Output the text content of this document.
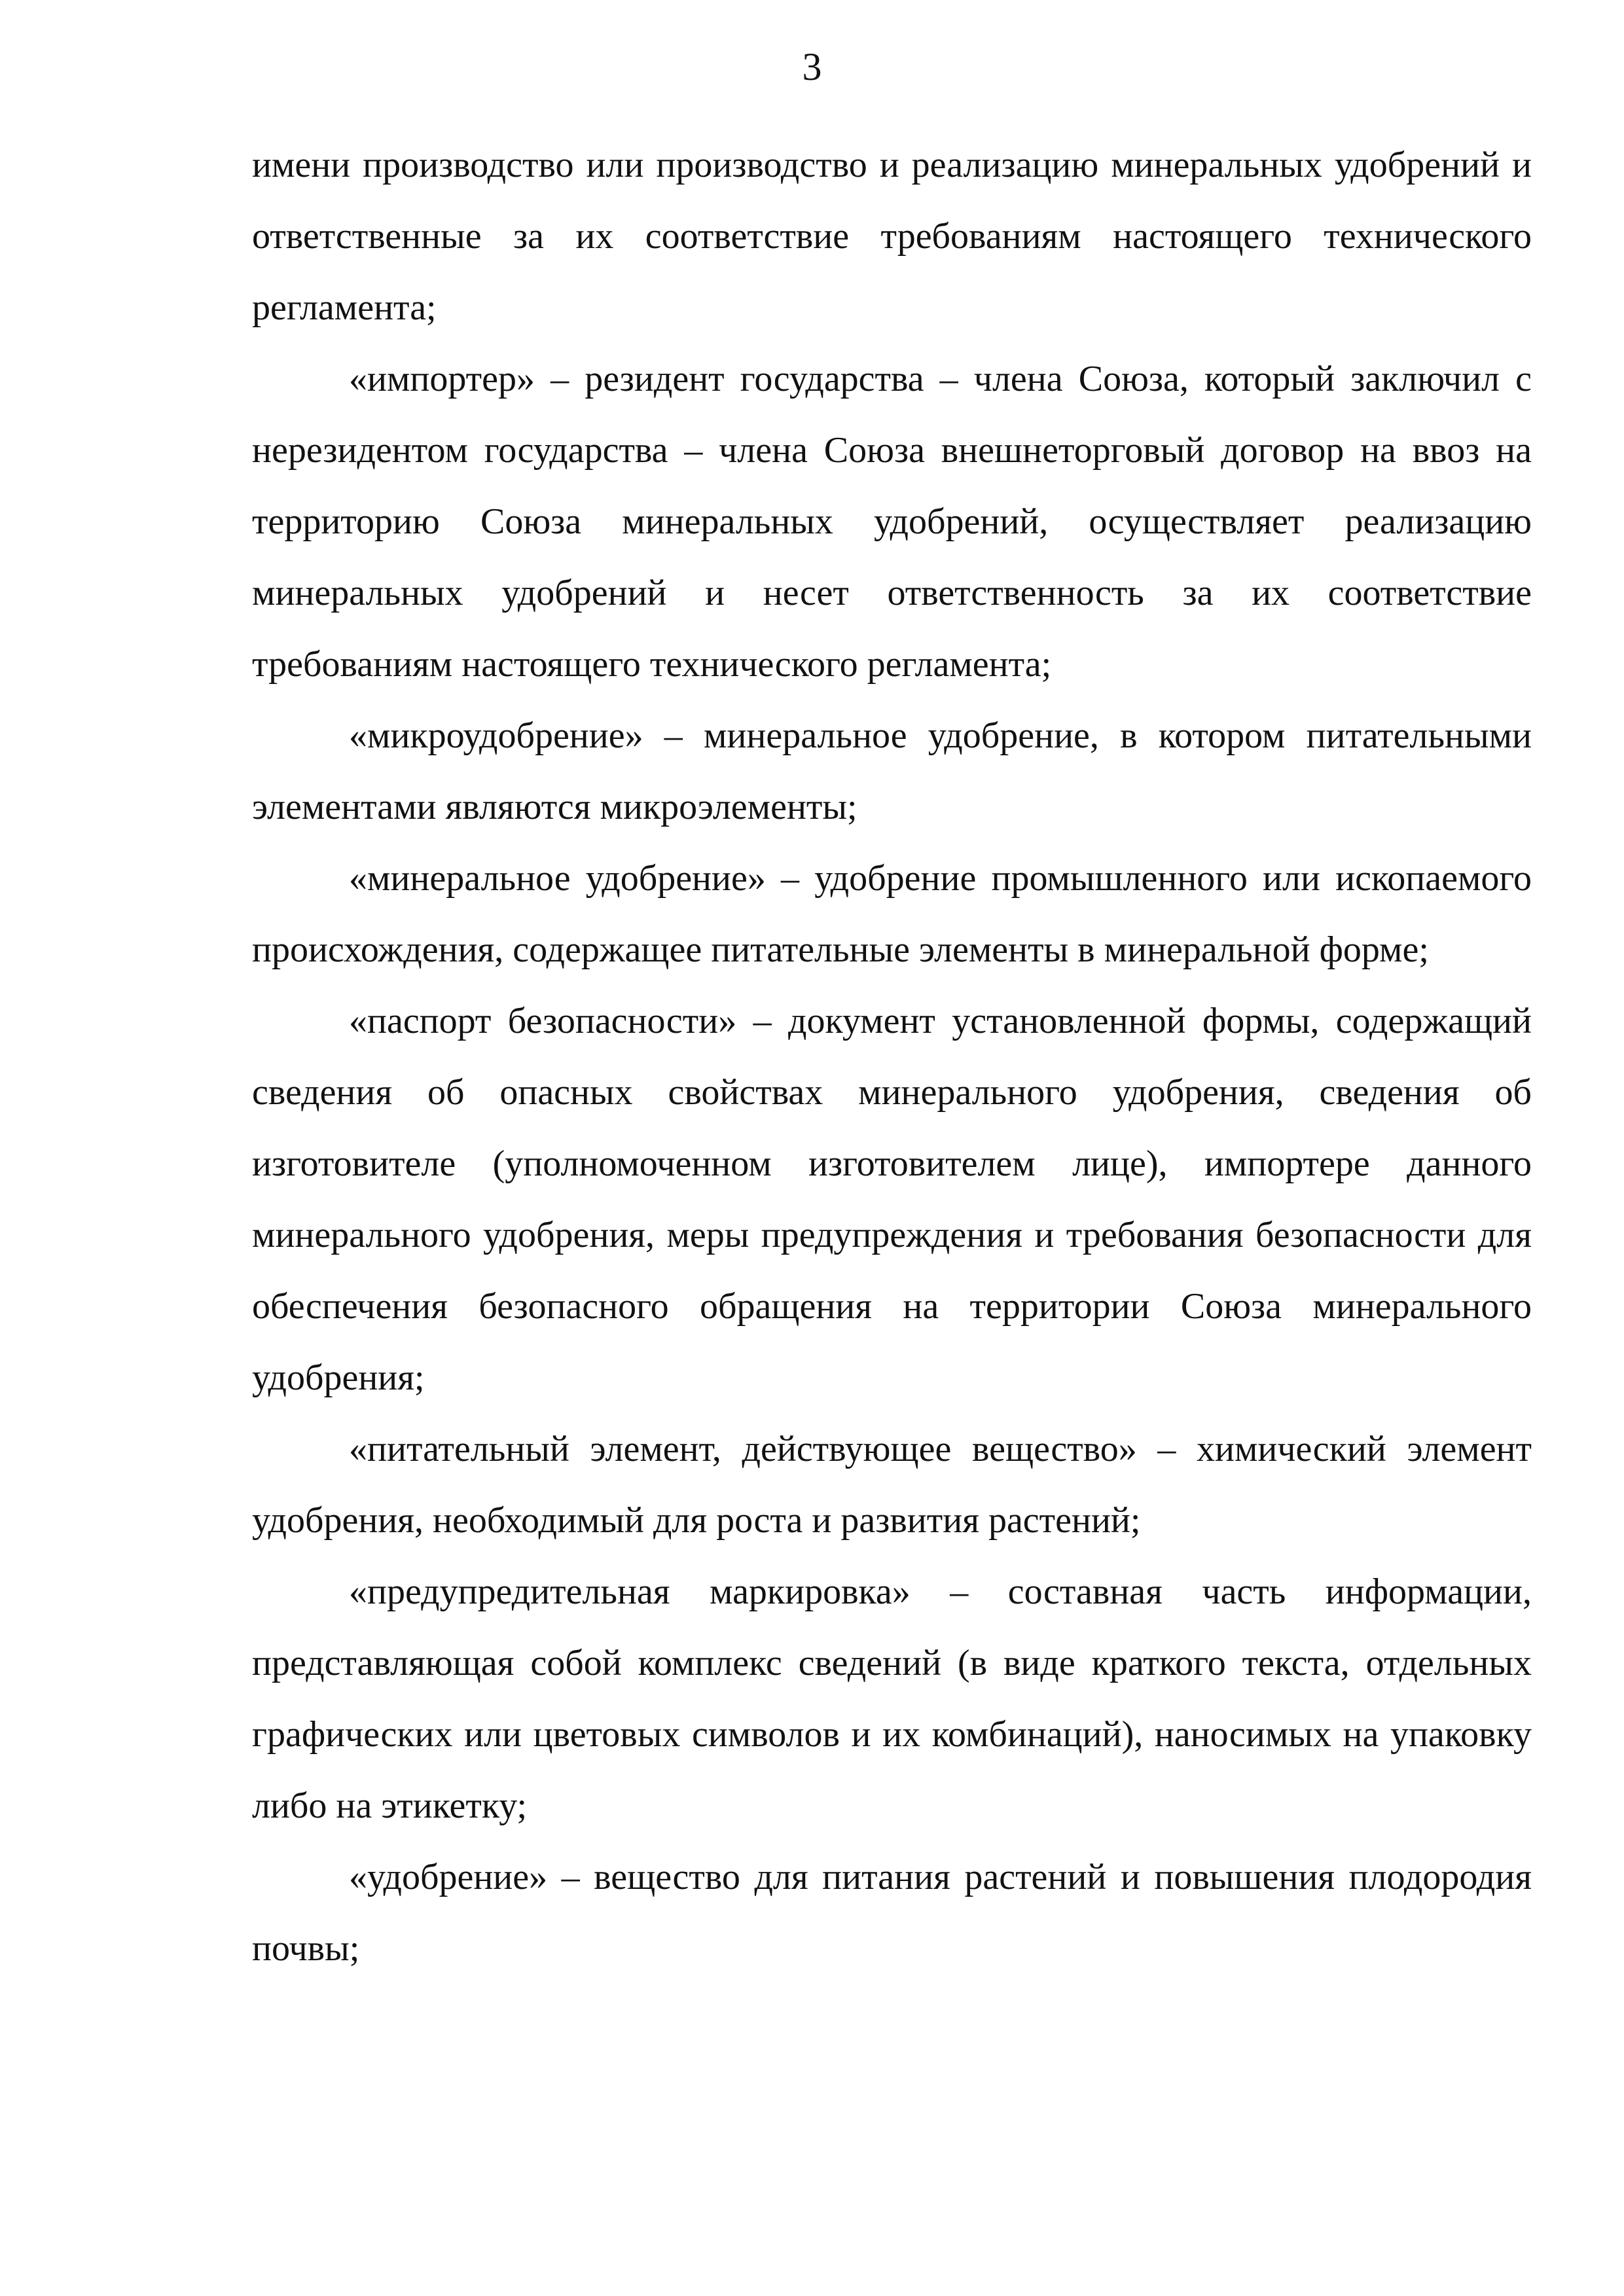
3

имени производство или производство и реализацию минеральных удобрений и ответственные за их соответствие требованиям настоящего технического регламента;

«импортер» – резидент государства – члена Союза, который заключил с нерезидентом государства – члена Союза внешнеторговый договор на ввоз на территорию Союза минеральных удобрений, осуществляет реализацию минеральных удобрений и несет ответственность за их соответствие требованиям настоящего технического регламента;

«микроудобрение» – минеральное удобрение, в котором питательными элементами являются микроэлементы;

«минеральное удобрение» – удобрение промышленного или ископаемого происхождения, содержащее питательные элементы в минеральной форме;

«паспорт безопасности» – документ установленной формы, содержащий сведения об опасных свойствах минерального удобрения, сведения об изготовителе (уполномоченном изготовителем лице), импортере данного минерального удобрения, меры предупреждения и требования безопасности для обеспечения безопасного обращения на территории Союза минерального удобрения;

«питательный элемент, действующее вещество» – химический элемент удобрения, необходимый для роста и развития растений;

«предупредительная маркировка» – составная часть информации, представляющая собой комплекс сведений (в виде краткого текста, отдельных графических или цветовых символов и их комбинаций), наносимых на упаковку либо на этикетку;

«удобрение» – вещество для питания растений и повышения плодородия почвы;
